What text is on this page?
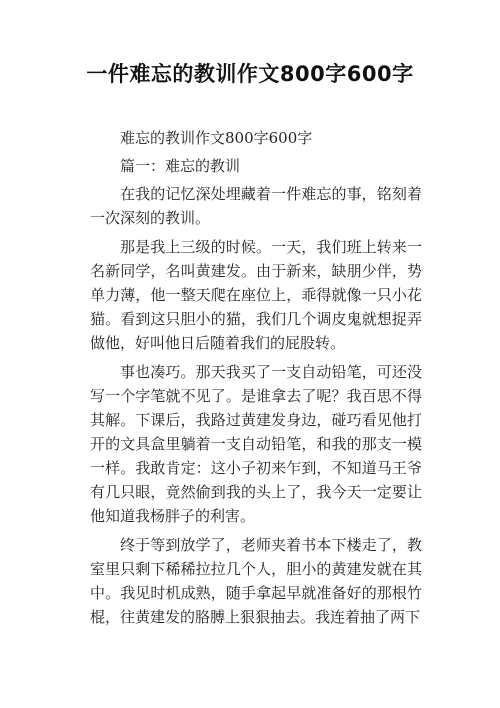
一件难忘的教训作文800字600字

难忘的教训作文800字600字

篇一：难忘的教训

在我的记忆深处埋藏着一件难忘的事，铭刻着一次深刻的教训。

那是我上三级的时候。一天，我们班上转来一名新同学，名叫黄建发。由于新来，缺朋少伴，势单力薄，他一整天爬在座位上，乖得就像一只小花猫。看到这只胆小的猫，我们几个调皮鬼就想捉弄做他，好叫他日后随着我们的屁股转。

事也凑巧。那天我买了一支自动铅笔，可还没写一个字笔就不见了。是谁拿去了呢？我百思不得其解。下课后，我路过黄建发身边，碰巧看见他打开的文具盒里躺着一支自动铅笔，和我的那支一模一样。我敢肯定：这小子初来乍到，不知道马王爷有几只眼，竟然偷到我的头上了，我今天一定要让他知道我杨胖子的利害。

终于等到放学了，老师夹着书本下楼走了，教室里只剩下稀稀拉拉几个人，胆小的黄建发就在其中。我见时机成熟，随手拿起早就准备好的那根竹棍，往黄建发的胳膊上狠狠抽去。我连着抽了两下
